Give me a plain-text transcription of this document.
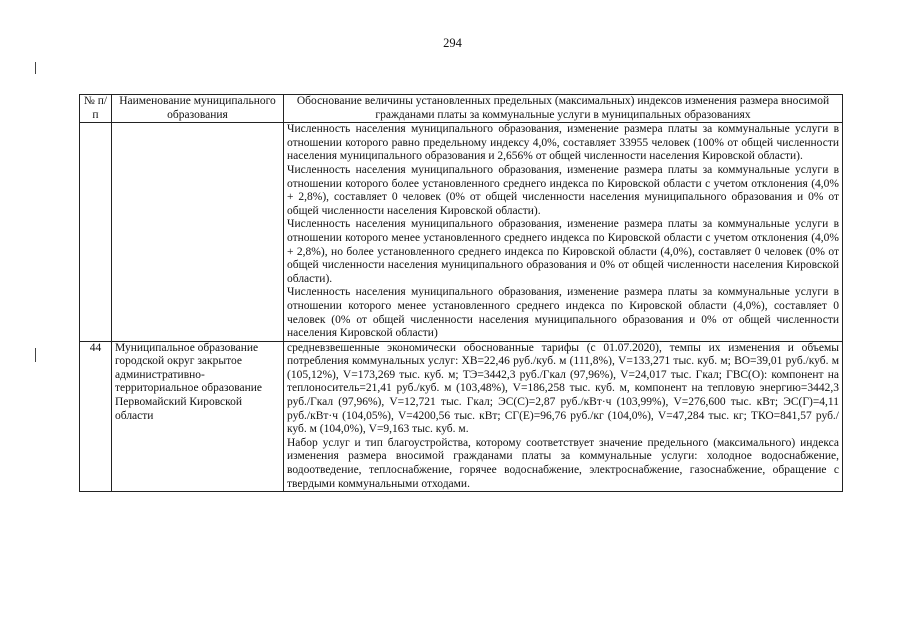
294
№ п/п	Наименование муниципального образования	Обоснование величины установленных предельных (максимальных) индексов изменения размера вносимой гражданами платы за коммунальные услуги в муниципальных образованиях

		Численность населения муниципального образования, изменение размера платы за коммунальные услуги в отношении которого равно предельному индексу 4,0%, составляет 33955 человек (100% от общей численности населения муниципального образования и 2,656% от общей численности населения Кировской области).

Численность населения муниципального образования, изменение размера платы за коммунальные услуги в отношении которого более установленного среднего индекса по Кировской области с учетом отклонения (4,0% + 2,8%), составляет 0 человек (0% от общей численности населения муниципального образования и 0% от общей численности населения Кировской области).

Численность населения муниципального образования, изменение размера платы за коммунальные услуги в отношении которого менее установленного среднего индекса по Кировской области с учетом отклонения (4,0% + 2,8%), но более установленного среднего индекса по Кировской области (4,0%), составляет 0 человек (0% от общей численности населения муниципального образования и 0% от общей численности населения Кировской области).

Численность населения муниципального образования, изменение размера платы за коммунальные услуги в отношении которого менее установленного среднего индекса по Кировской области (4,0%), составляет 0 человек (0% от общей численности населения муниципального образования и 0% от общей численности населения Кировской области)

44	Муниципальное образование городской округ закрытое административно-территориальное образование Первомайский Кировской области	средневзвешенные экономически обоснованные тарифы (с 01.07.2020), темпы их изменения и объемы потребления коммунальных услуг: ХВ=22,46 руб./куб. м (111,8%), V=133,271 тыс. куб. м; ВО=39,01 руб./куб. м (105,12%), V=173,269 тыс. куб. м; ТЭ=3442,3 руб./Гкал (97,96%), V=24,017 тыс. Гкал; ГВС(О): компонент на теплоноситель=21,41 руб./куб. м (103,48%), V=186,258 тыс. куб. м, компонент на тепловую энергию=3442,3 руб./Гкал (97,96%), V=12,721 тыс. Гкал; ЭС(С)=2,87 руб./кВт·ч (103,99%), V=276,600 тыс. кВт; ЭС(Г)=4,11 руб./кВт·ч (104,05%), V=4200,56 тыс. кВт; СГ(Е)=96,76 руб./кг (104,0%), V=47,284 тыс. кг; ТКО=841,57 руб./куб. м (104,0%), V=9,163 тыс. куб. м.

Набор услуг и тип благоустройства, которому соответствует значение предельного (максимального) индекса изменения размера вносимой гражданами платы за коммунальные услуги: холодное водоснабжение, водоотведение, теплоснабжение, горячее водоснабжение, электроснабжение, газоснабжение, обращение с твердыми коммунальными отходами.
